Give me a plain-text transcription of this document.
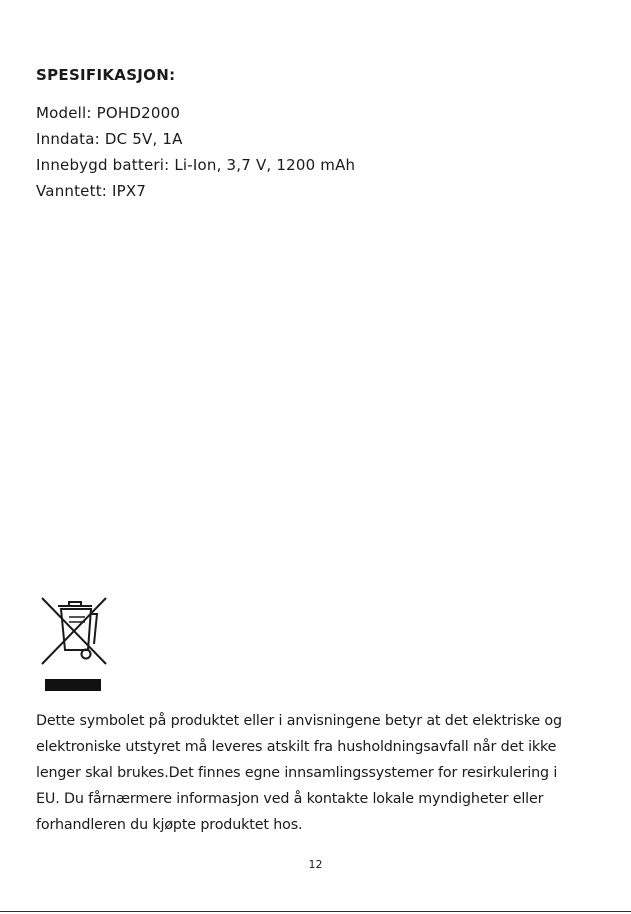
SPESIFIKASJON:
Modell: POHD2000
Inndata: DC 5V, 1A
Innebygd batteri: Li-Ion, 3,7 V, 1200 mAh
Vanntett: IPX7

Dette symbolet på produktet eller i anvisningene betyr at det elektriske og
elektroniske utstyret må leveres atskilt fra husholdningsavfall når det ikke
lenger skal brukes.Det finnes egne innsamlingssystemer for resirkulering i
EU. Du fårnærmere informasjon ved å kontakte lokale myndigheter eller
forhandleren du kjøpte produktet hos.

12
